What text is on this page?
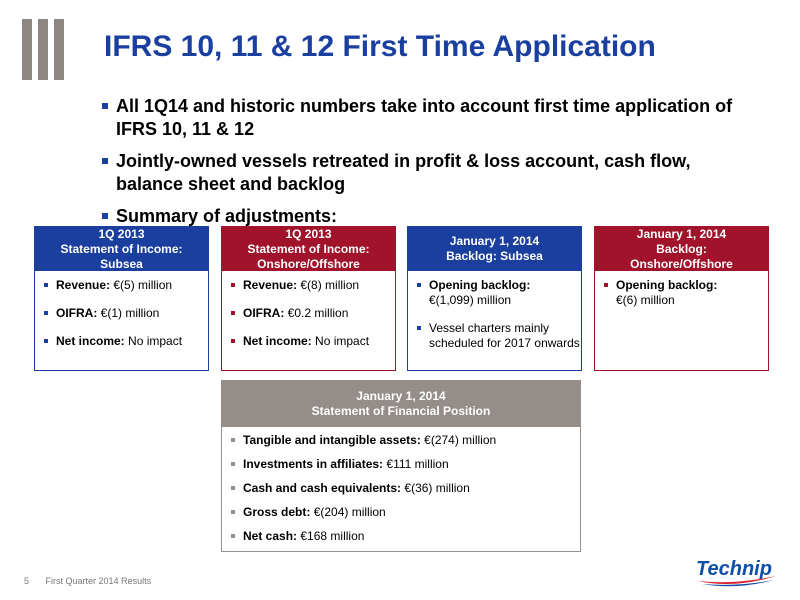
IFRS 10, 11 & 12 First Time Application
All 1Q14 and historic numbers take into account first time application of IFRS 10, 11 & 12
Jointly-owned vessels retreated in profit & loss account, cash flow, balance sheet and backlog
Summary of adjustments:
1Q 2013
Statement of Income:
Subsea
Revenue: €(5) million
OIFRA: €(1) million
Net income: No impact
1Q 2013
Statement of Income:
Onshore/Offshore
Revenue: €(8) million
OIFRA: €0.2 million
Net income: No impact
January 1, 2014
Backlog: Subsea
Opening backlog:
€(1,099) million
Vessel charters mainly scheduled for 2017 onwards
January 1, 2014
Backlog:
Onshore/Offshore
Opening backlog:
€(6) million
January 1, 2014
Statement of Financial Position
Tangible and intangible assets: €(274) million
Investments in affiliates: €111 million
Cash and cash equivalents: €(36) million
Gross debt: €(204) million
Net cash: €168 million
5 First Quarter 2014 Results
Technip
